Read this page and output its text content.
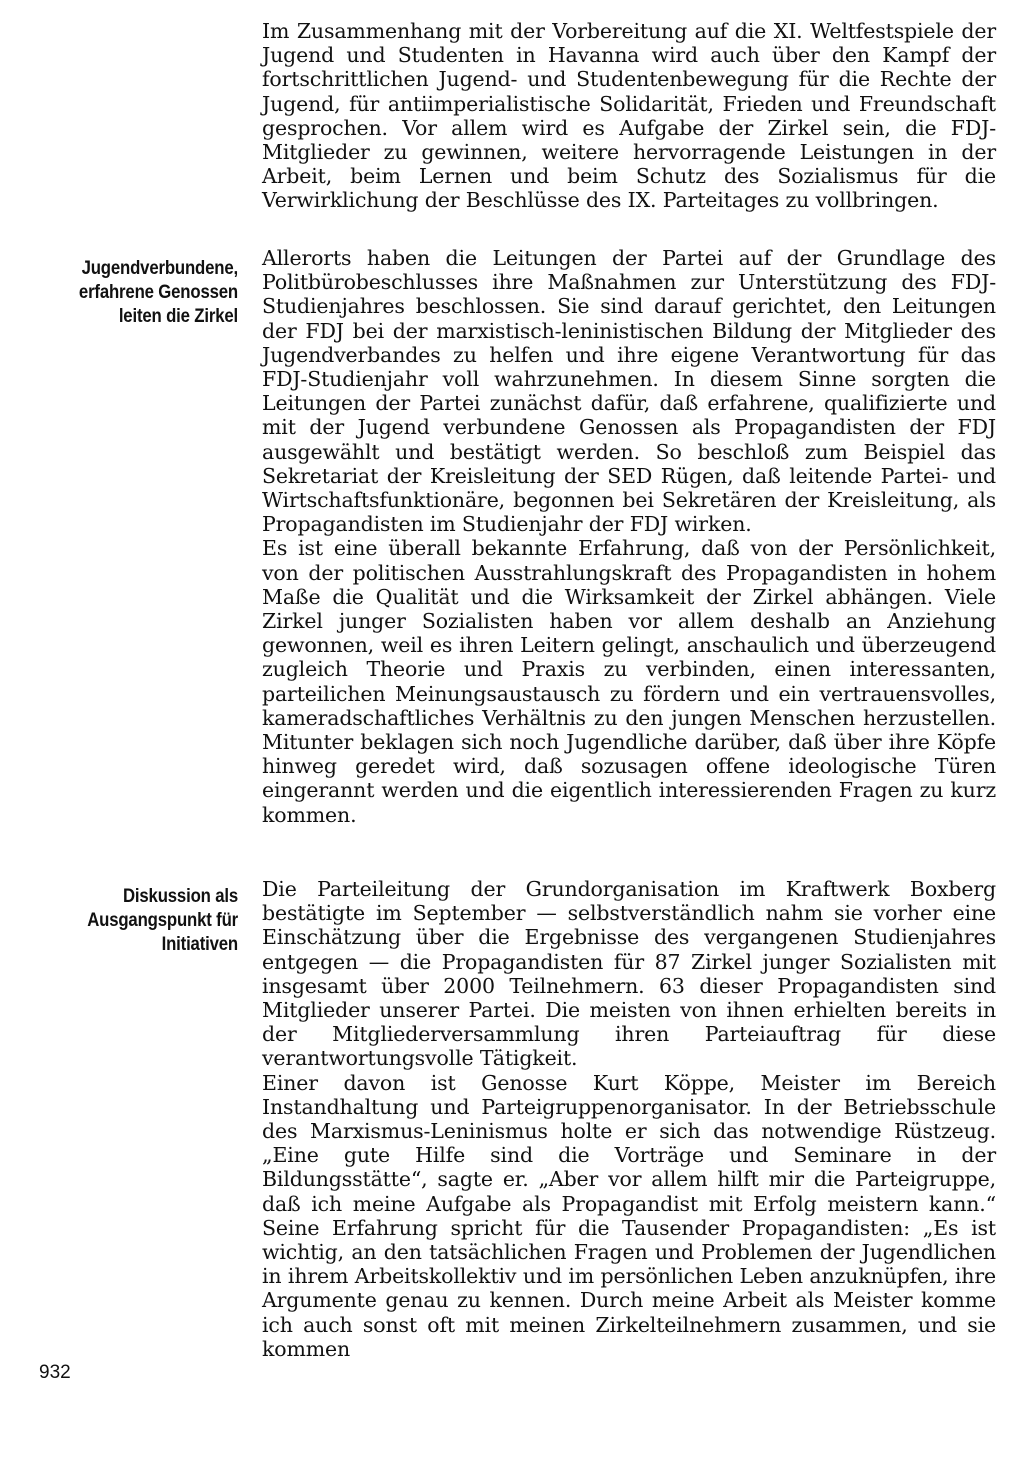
Im Zusammenhang mit der Vorbereitung auf die XI. Weltfestspiele der Jugend und Studenten in Havanna wird auch über den Kampf der fortschrittlichen Jugend- und Studentenbewegung für die Rechte der Jugend, für antiimperialistische Solidarität, Frieden und Freundschaft gesprochen. Vor allem wird es Aufgabe der Zirkel sein, die FDJ-Mitglieder zu gewinnen, weitere hervorragende Leistungen in der Arbeit, beim Lernen und beim Schutz des Sozialismus für die Verwirklichung der Beschlüsse des IX. Parteitages zu vollbringen.

Jugendverbundene, erfahrene Genossen leiten die Zirkel

Allerorts haben die Leitungen der Partei auf der Grundlage des Politbürobeschlusses ihre Maßnahmen zur Unterstützung des FDJ-Studienjahres beschlossen. Sie sind darauf gerichtet, den Leitungen der FDJ bei der marxistisch-leninistischen Bildung der Mitglieder des Jugendverbandes zu helfen und ihre eigene Verantwortung für das FDJ-Studienjahr voll wahrzunehmen. In diesem Sinne sorgten die Leitungen der Partei zunächst dafür, daß erfahrene, qualifizierte und mit der Jugend verbundene Genossen als Propagandisten der FDJ ausgewählt und bestätigt werden. So beschloß zum Beispiel das Sekretariat der Kreisleitung der SED Rügen, daß leitende Partei- und Wirtschaftsfunktionäre, begonnen bei Sekretären der Kreisleitung, als Propagandisten im Studienjahr der FDJ wirken.

Es ist eine überall bekannte Erfahrung, daß von der Persönlichkeit, von der politischen Ausstrahlungskraft des Propagandisten in hohem Maße die Qualität und die Wirksamkeit der Zirkel abhängen. Viele Zirkel junger Sozialisten haben vor allem deshalb an Anziehung gewonnen, weil es ihren Leitern gelingt, anschaulich und überzeugend zugleich Theorie und Praxis zu verbinden, einen interessanten, parteilichen Meinungsaustausch zu fördern und ein vertrauensvolles, kameradschaftliches Verhältnis zu den jungen Menschen herzustellen. Mitunter beklagen sich noch Jugendliche darüber, daß über ihre Köpfe hinweg geredet wird, daß sozusagen offene ideologische Türen eingerannt werden und die eigentlich interessierenden Fragen zu kurz kommen.

Diskussion als Ausgangspunkt für Initiativen

Die Parteileitung der Grundorganisation im Kraftwerk Boxberg bestätigte im September — selbstverständlich nahm sie vorher eine Einschätzung über die Ergebnisse des vergangenen Studienjahres entgegen — die Propagandisten für 87 Zirkel junger Sozialisten mit insgesamt über 2000 Teilnehmern. 63 dieser Propagandisten sind Mitglieder unserer Partei. Die meisten von ihnen erhielten bereits in der Mitgliederversammlung ihren Parteiauftrag für diese verantwortungsvolle Tätigkeit.

Einer davon ist Genosse Kurt Köppe, Meister im Bereich Instandhaltung und Parteigruppenorganisator. In der Betriebsschule des Marxismus-Leninismus holte er sich das notwendige Rüstzeug. „Eine gute Hilfe sind die Vorträge und Seminare in der Bildungsstätte“, sagte er. „Aber vor allem hilft mir die Parteigruppe, daß ich meine Aufgabe als Propagandist mit Erfolg meistern kann.“ Seine Erfahrung spricht für die Tausender Propagandisten: „Es ist wichtig, an den tatsächlichen Fragen und Problemen der Jugendlichen in ihrem Arbeitskollektiv und im persönlichen Leben anzuknüpfen, ihre Argumente genau zu kennen. Durch meine Arbeit als Meister komme ich auch sonst oft mit meinen Zirkelteilnehmern zusammen, und sie kommen

932
